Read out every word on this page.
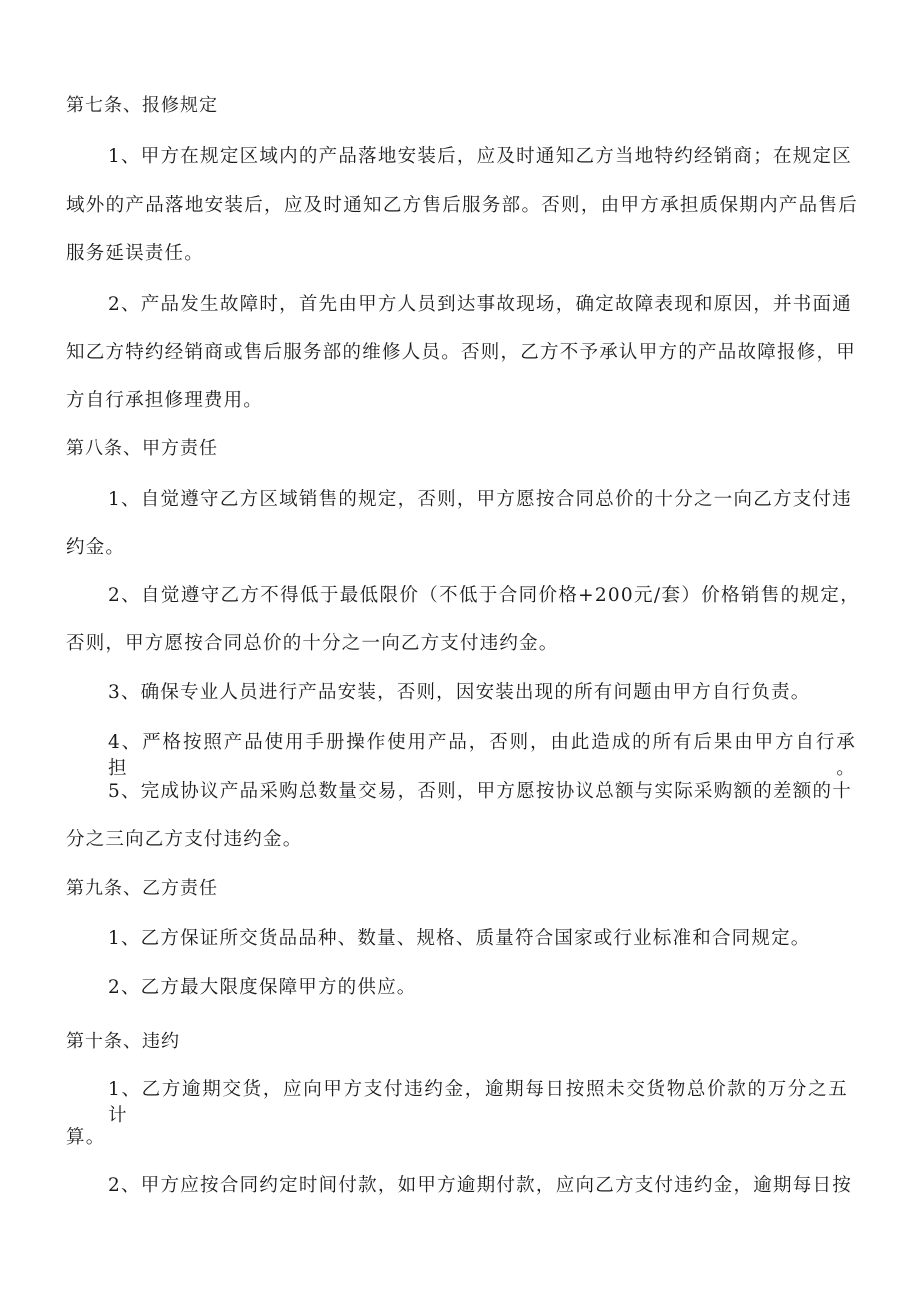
第七条、报修规定
1、甲方在规定区域内的产品落地安装后，应及时通知乙方当地特约经销商；在规定区
域外的产品落地安装后，应及时通知乙方售后服务部。否则，由甲方承担质保期内产品售后
服务延误责任。
2、产品发生故障时，首先由甲方人员到达事故现场，确定故障表现和原因，并书面通
知乙方特约经销商或售后服务部的维修人员。否则，乙方不予承认甲方的产品故障报修，甲
方自行承担修理费用。
第八条、甲方责任
1、自觉遵守乙方区域销售的规定，否则，甲方愿按合同总价的十分之一向乙方支付违
约金。
2、自觉遵守乙方不得低于最低限价（不低于合同价格+200元/套）价格销售的规定，
否则，甲方愿按合同总价的十分之一向乙方支付违约金。
3、确保专业人员进行产品安装，否则，因安装出现的所有问题由甲方自行负责。
4、严格按照产品使用手册操作使用产品，否则，由此造成的所有后果由甲方自行承担。
5、完成协议产品采购总数量交易，否则，甲方愿按协议总额与实际采购额的差额的十
分之三向乙方支付违约金。
第九条、乙方责任
1、乙方保证所交货品品种、数量、规格、质量符合国家或行业标准和合同规定。
2、乙方最大限度保障甲方的供应。
第十条、违约
1、乙方逾期交货，应向甲方支付违约金，逾期每日按照未交货物总价款的万分之五计
算。
2、甲方应按合同约定时间付款，如甲方逾期付款，应向乙方支付违约金，逾期每日按
